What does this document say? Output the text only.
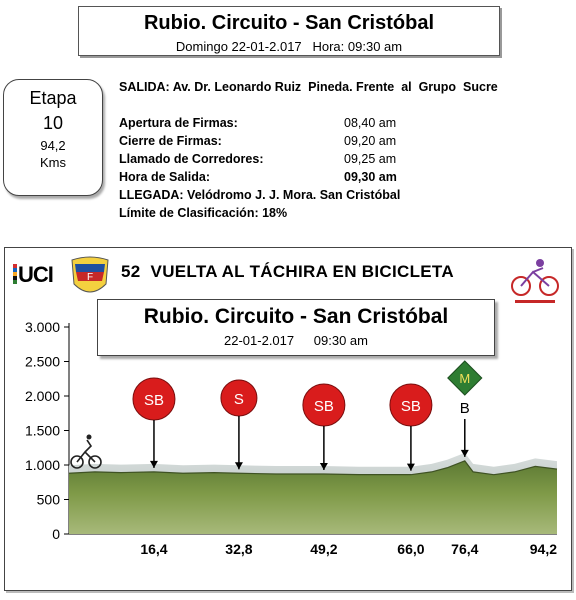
Rubio. Circuito - San Cristóbal
Domingo 22-01-2.017   Hora: 09:30 am
Etapa
10
94,2
Kms
SALIDA: Av. Dr. Leonardo Ruiz  Pineda. Frente  al  Grupo  Sucre
Apertura de Firmas:	08,40 am
Cierre de Firmas:	09,20 am
Llamado de Corredores:	09,25 am
Hora de Salida:	09,30 am
LLEGADA: Velódromo J. J. Mora. San Cristóbal
Límite de Clasificación: 18%
3.000
2.500
2.000
1.500
1.000
500
0
16,4	32,8	49,2	66,0 76,4	94,2
SB	S	SB	SB
M
B
UCI	F 52  VUELTA AL TÁCHIRA EN BICICLETA
Rubio. Circuito - San Cristóbal
22-01-2.017 09:30 am
